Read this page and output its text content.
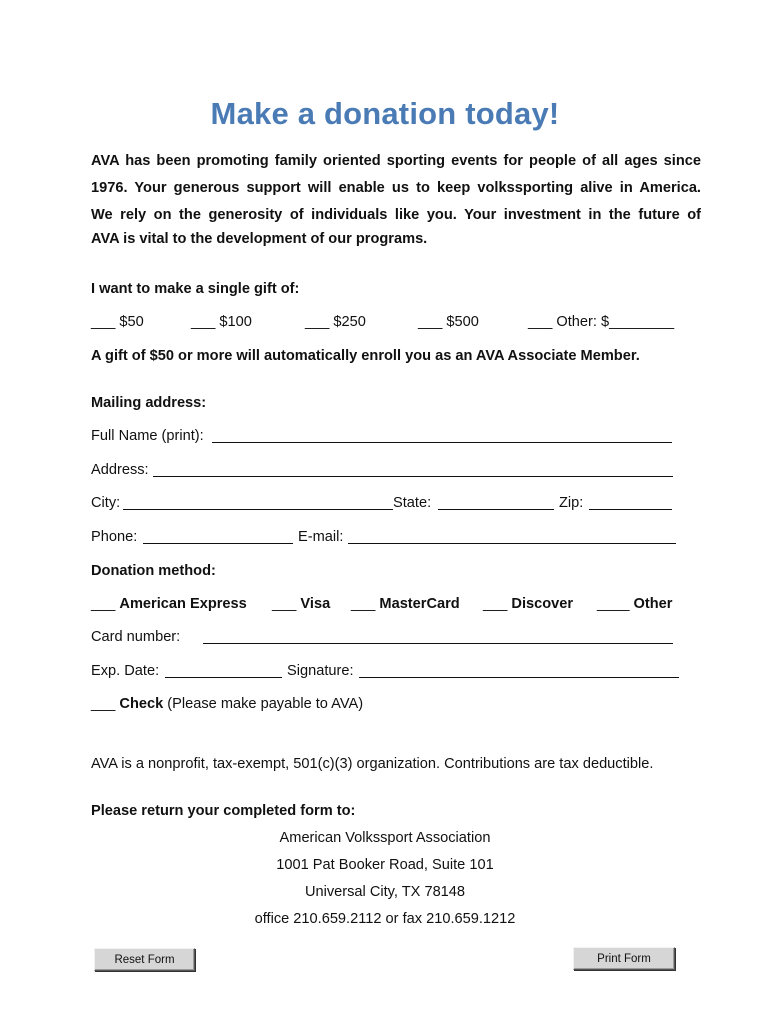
Make a donation today!
AVA has been promoting family oriented sporting events for people of all ages since
1976. Your generous support will enable us to keep volkssporting alive in America.
We rely on the generosity of individuals like you. Your investment in the future of
AVA is vital to the development of our programs.
I want to make a single gift of:
___ $50	___ $100	___ $250	___ $500	___ Other: $________
A gift of $50 or more will automatically enroll you as an AVA Associate Member.
Mailing address:
Full Name (print):
Address:
City:	State:	Zip:
Phone:	E-mail:
Donation method:
___ American Express ___ Visa ___ MasterCard ___ Discover ____ Other
Card number:
Exp. Date:	Signature:
___ Check (Please make payable to AVA)
AVA is a nonprofit, tax-exempt, 501(c)(3) organization. Contributions are tax deductible.
Please return your completed form to:
American Volkssport Association
1001 Pat Booker Road, Suite 101
Universal City, TX 78148
office 210.659.2112 or fax 210.659.1212
Reset Form	Print Form
